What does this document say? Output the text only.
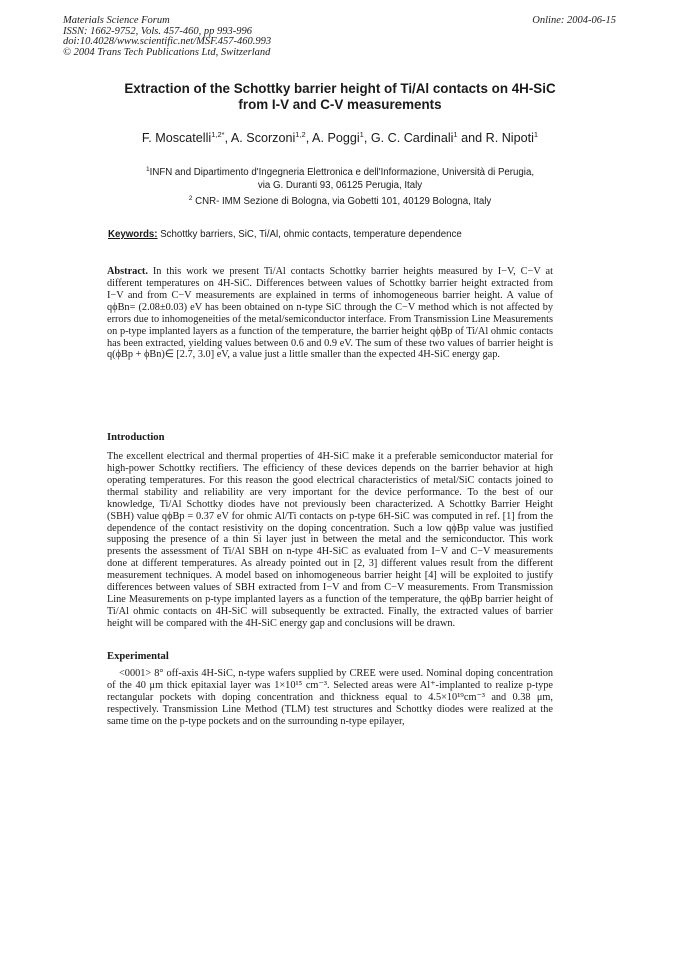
Materials Science Forum
ISSN: 1662-9752, Vols. 457-460, pp 993-996
doi:10.4028/www.scientific.net/MSF.457-460.993
© 2004 Trans Tech Publications Ltd, Switzerland
Online: 2004-06-15
Extraction of the Schottky barrier height of Ti/Al contacts on 4H-SiC
from I-V and C-V measurements
F. Moscatelli$^{1,2*}$, A. Scorzoni$^{1,2}$, A. Poggi$^1$, G. C. Cardinali$^1$ and R. Nipoti$^1$
$^1$INFN and Dipartimento d'Ingegneria Elettronica e dell'Informazione, Università di Perugia,
via G. Duranti 93, 06125 Perugia, Italy
$^2$ CNR- IMM Sezione di Bologna, via Gobetti 101, 40129 Bologna, Italy
Keywords: Schottky barriers, SiC, Ti/Al, ohmic contacts, temperature dependence
Abstract. In this work we present Ti/Al contacts Schottky barrier heights measured by I−V, C−V at different temperatures on 4H-SiC. Differences between values of Schottky barrier height extracted from I−V and from C−V measurements are explained in terms of inhomogeneous barrier height. A value of qϕBn= (2.08±0.03) eV has been obtained on n-type SiC through the C−V method which is not affected by errors due to inhomogeneities of the metal/semiconductor interface. From Transmission Line Measurements on p-type implanted layers as a function of the temperature, the barrier height qϕBp of Ti/Al ohmic contacts has been extracted, yielding values between 0.6 and 0.9 eV. The sum of these two values of barrier height is q(ϕBp + ϕBn)∈ [2.7, 3.0] eV, a value just a little smaller than the expected 4H-SiC energy gap.
Introduction
The excellent electrical and thermal properties of 4H-SiC make it a preferable semiconductor material for high-power Schottky rectifiers. The efficiency of these devices depends on the barrier behavior at high operating temperatures. For this reason the good electrical characteristics of metal/SiC contacts joined to thermal stability and reliability are very important for the device performance. To the best of our knowledge, Ti/Al Schottky diodes have not previously been characterized. A Schottky Barrier Height (SBH) value qϕBp = 0.37 eV for ohmic Al/Ti contacts on p-type 6H-SiC was computed in ref. [1] from the dependence of the contact resistivity on the doping concentration. Such a low qϕBp value was justified supposing the presence of a thin Si layer just in between the metal and the semiconductor. This work presents the assessment of Ti/Al SBH on n-type 4H-SiC as evaluated from I−V and C−V measurements done at different temperatures. As already pointed out in [2, 3] different values result from the different measurement techniques. A model based on inhomogeneous barrier height [4] will be exploited to justify differences between values of SBH extracted from I−V and from C−V measurements. From Transmission Line Measurements on p-type implanted layers as a function of the temperature, the qϕBp barrier height of Ti/Al ohmic contacts on 4H-SiC will subsequently be extracted. Finally, the extracted values of barrier height will be compared with the 4H-SiC energy gap and conclusions will be drawn.
Experimental
<0001> 8° off-axis 4H-SiC, n-type wafers supplied by CREE were used. Nominal doping concentration of the 40 μm thick epitaxial layer was 1×10¹⁵ cm⁻³. Selected areas were Al⁺-implanted to realize p-type rectangular pockets with doping concentration and thickness equal to 4.5×10¹⁹cm⁻³ and 0.38 μm, respectively. Transmission Line Method (TLM) test structures and Schottky diodes were realized at the same time on the p-type pockets and on the surrounding n-type epilayer,
